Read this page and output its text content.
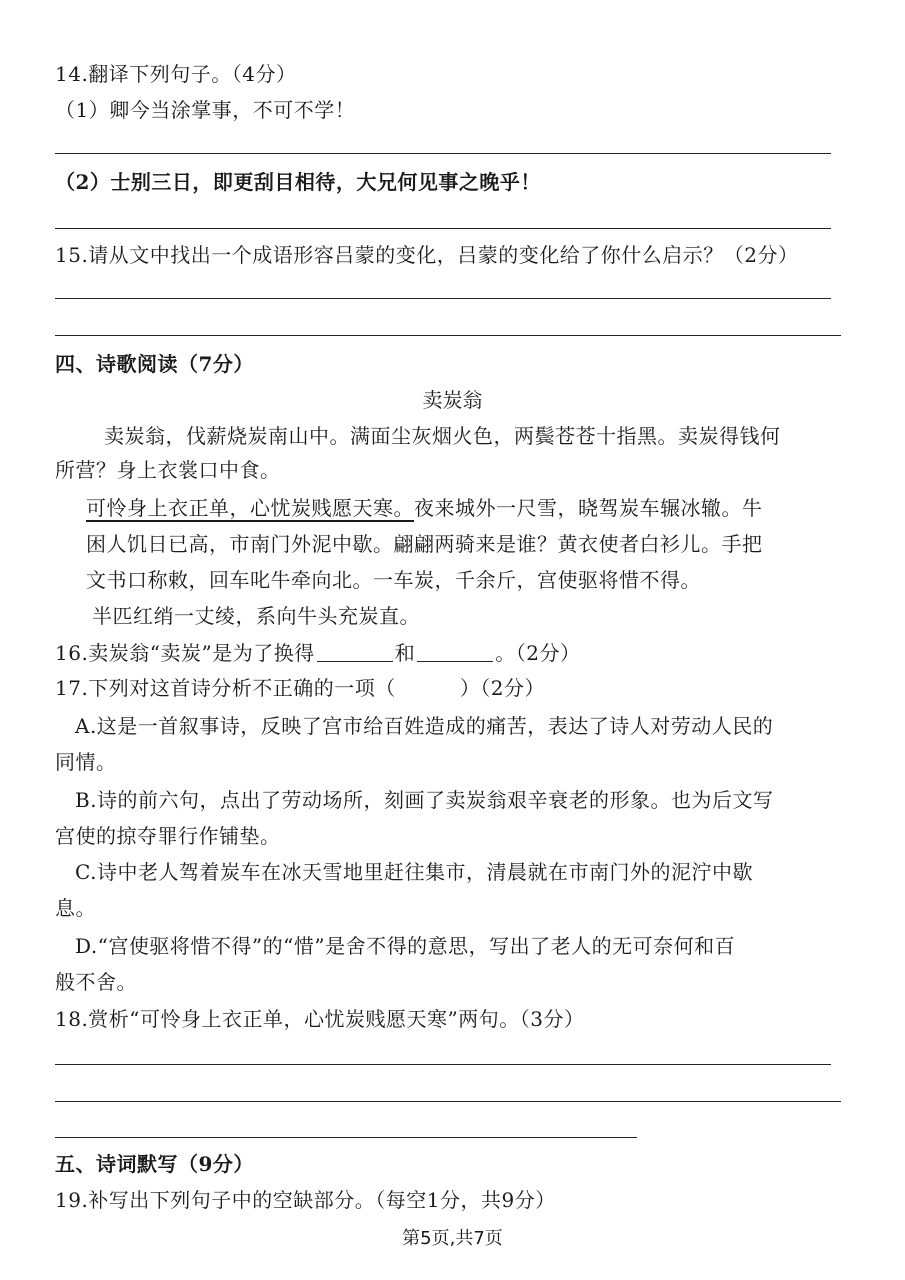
14.翻译下列句子。（4分）
（1）卿今当涂掌事，不可不学！
（2）士别三日，即更刮目相待，大兄何见事之晚乎！
15.请从文中找出一个成语形容吕蒙的变化，吕蒙的变化给了你什么启示？（2分）
四、诗歌阅读（7分）
卖炭翁
卖炭翁，伐薪烧炭南山中。满面尘灰烟火色，两鬓苍苍十指黑。卖炭得钱何
所营？身上衣裳口中食。
可怜身上衣正单，心忧炭贱愿天寒。夜来城外一尺雪，晓驾炭车辗冰辙。牛
困人饥日已高，市南门外泥中歇。翩翩两骑来是谁？黄衣使者白衫儿。手把
文书口称敕，回车叱牛牵向北。一车炭，千余斤，宫使驱将惜不得。
半匹红绡一丈绫，系向牛头充炭直。
16.卖炭翁“卖炭”是为了换得	和	。（2分）
17.下列对这首诗分析不正确的一项（	）（2分）
A.这是一首叙事诗，反映了宫市给百姓造成的痛苦，表达了诗人对劳动人民的
同情。
B.诗的前六句，点出了劳动场所，刻画了卖炭翁艰辛衰老的形象。也为后文写
宫使的掠夺罪行作铺垫。
C.诗中老人驾着炭车在冰天雪地里赶往集市，清晨就在市南门外的泥泞中歇
息。
D.“宫使驱将惜不得”的“惜”是舍不得的意思，写出了老人的无可奈何和百
般不舍。
18.赏析“可怜身上衣正单，心忧炭贱愿天寒”两句。（3分）
五、诗词默写（9分）
19.补写出下列句子中的空缺部分。（每空1分，共9分）
第5页,共7页
